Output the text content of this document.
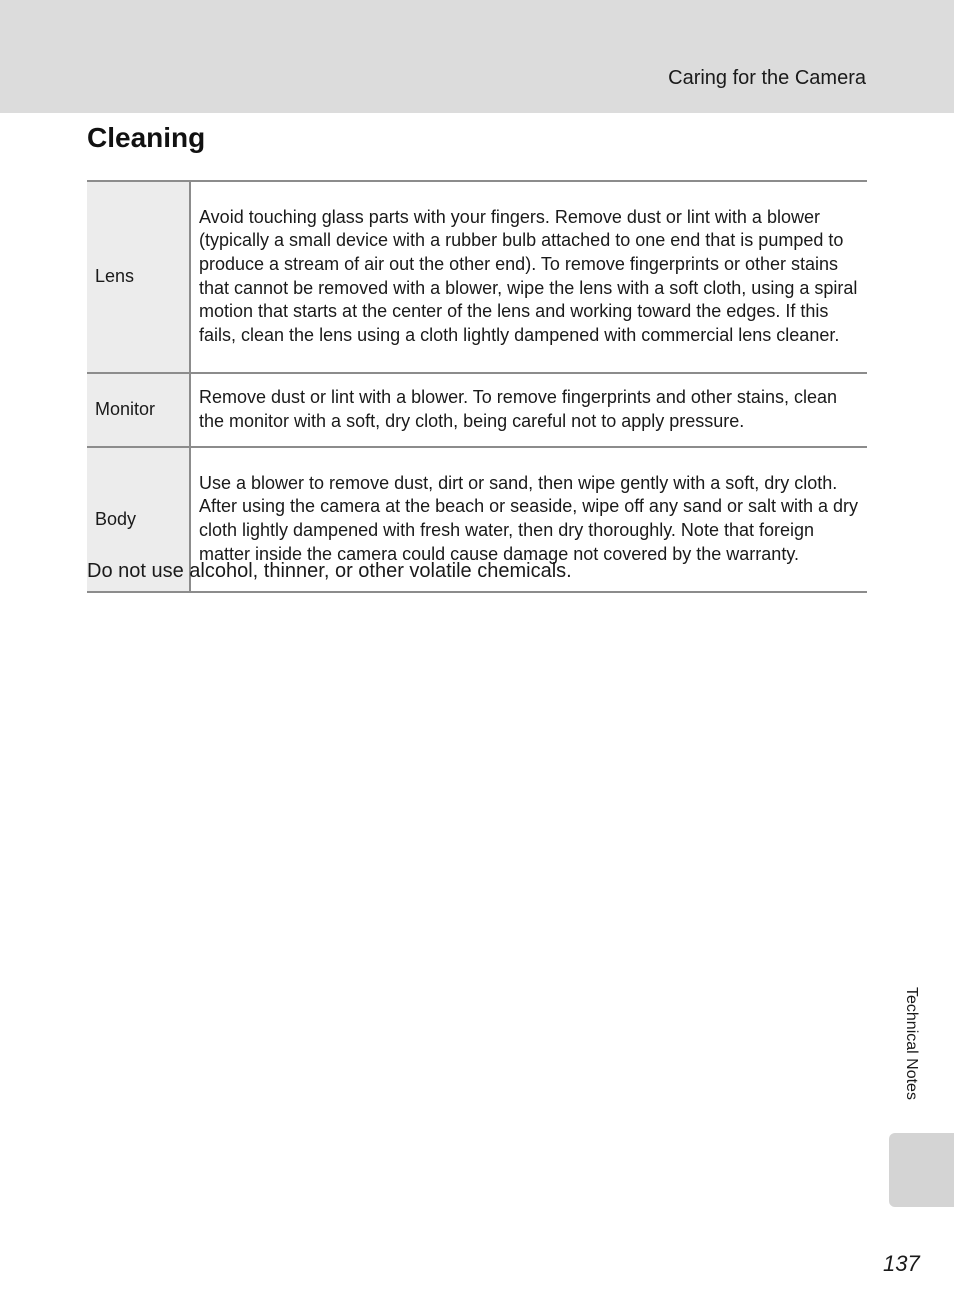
Caring for the Camera
Cleaning
Lens	Avoid touching glass parts with your fingers. Remove dust or lint with a blower (typically a small device with a rubber bulb attached to one end that is pumped to produce a stream of air out the other end). To remove fingerprints or other stains that cannot be removed with a blower, wipe the lens with a soft cloth, using a spiral motion that starts at the center of the lens and working toward the edges. If this fails, clean the lens using a cloth lightly dampened with commercial lens cleaner.
Monitor	Remove dust or lint with a blower. To remove fingerprints and other stains, clean the monitor with a soft, dry cloth, being careful not to apply pressure.
Body	Use a blower to remove dust, dirt or sand, then wipe gently with a soft, dry cloth. After using the camera at the beach or seaside, wipe off any sand or salt with a dry cloth lightly dampened with fresh water, then dry thoroughly. Note that foreign matter inside the camera could cause damage not covered by the warranty.
Do not use alcohol, thinner, or other volatile chemicals.
Technical Notes
137
